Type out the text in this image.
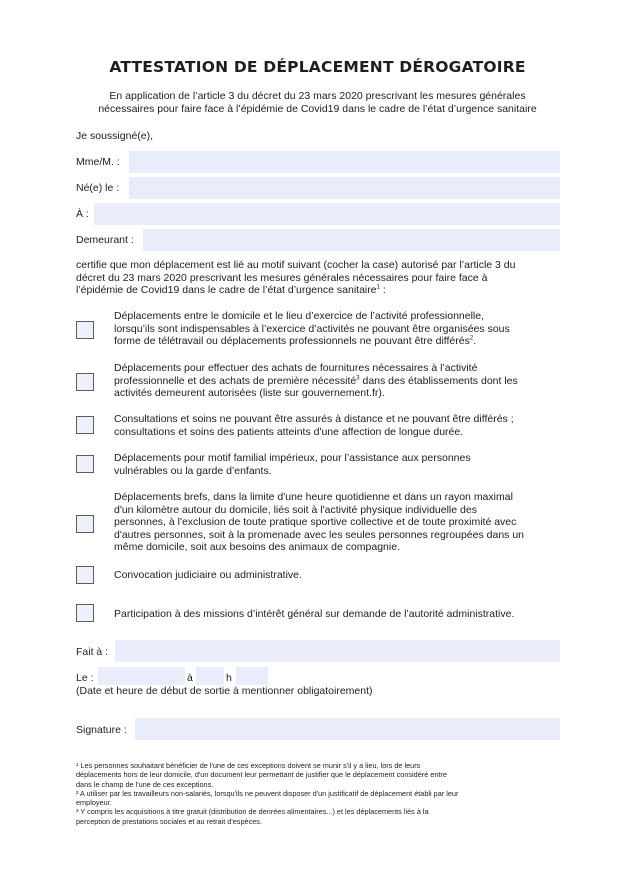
ATTESTATION DE DÉPLACEMENT DÉROGATOIRE
En application de l’article 3 du décret du 23 mars 2020 prescrivant les mesures générales
nécessaires pour faire face à l’épidémie de Covid19 dans le cadre de l’état d’urgence sanitaire
Je soussigné(e),
Mme/M. :
Né(e) le :
À :
Demeurant :
certifie que mon déplacement est lié au motif suivant (cocher la case) autorisé par l’article 3 du
décret du 23 mars 2020 prescrivant les mesures générales nécessaires pour faire face à
l’épidémie de Covid19 dans le cadre de l’état d’urgence sanitaire$^1$ :
Déplacements entre le domicile et le lieu d’exercice de l’activité professionnelle,
lorsqu’ils sont indispensables à l’exercice d’activités ne pouvant être organisées sous
forme de télétravail ou déplacements professionnels ne pouvant être différés$^2$.
Déplacements pour effectuer des achats de fournitures nécessaires à l’activité
professionnelle et des achats de première nécessité$^3$ dans des établissements dont les
activités demeurent autorisées (liste sur gouvernement.fr).
Consultations et soins ne pouvant être assurés à distance et ne pouvant être différés ;
consultations et soins des patients atteints d'une affection de longue durée.
Déplacements pour motif familial impérieux, pour l’assistance aux personnes
vulnérables ou la garde d’enfants.
Déplacements brefs, dans la limite d'une heure quotidienne et dans un rayon maximal
d'un kilomètre autour du domicile, liés soit à l'activité physique individuelle des
personnes, à l'exclusion de toute pratique sportive collective et de toute proximité avec
d'autres personnes, soit à la promenade avec les seules personnes regroupées dans un
même domicile, soit aux besoins des animaux de compagnie.
Convocation judiciaire ou administrative.
Participation à des missions d’intérêt général sur demande de l’autorité administrative.
Fait à :
Le :	à	h
(Date et heure de début de sortie à mentionner obligatoirement)
Signature :
¹ Les personnes souhaitant bénéficier de l'une de ces exceptions doivent se munir s'il y a lieu, lors de leurs
déplacements hors de leur domicile, d'un document leur permettant de justifier que le déplacement considéré entre
dans le champ de l'une de ces exceptions.
² A utiliser par les travailleurs non-salariés, lorsqu'ils ne peuvent disposer d'un justificatif de déplacement établi par leur
employeur.
³ Y compris les acquisitions à titre gratuit (distribution de denrées alimentaires...) et les déplacements liés à la
perception de prestations sociales et au retrait d'espèces.
